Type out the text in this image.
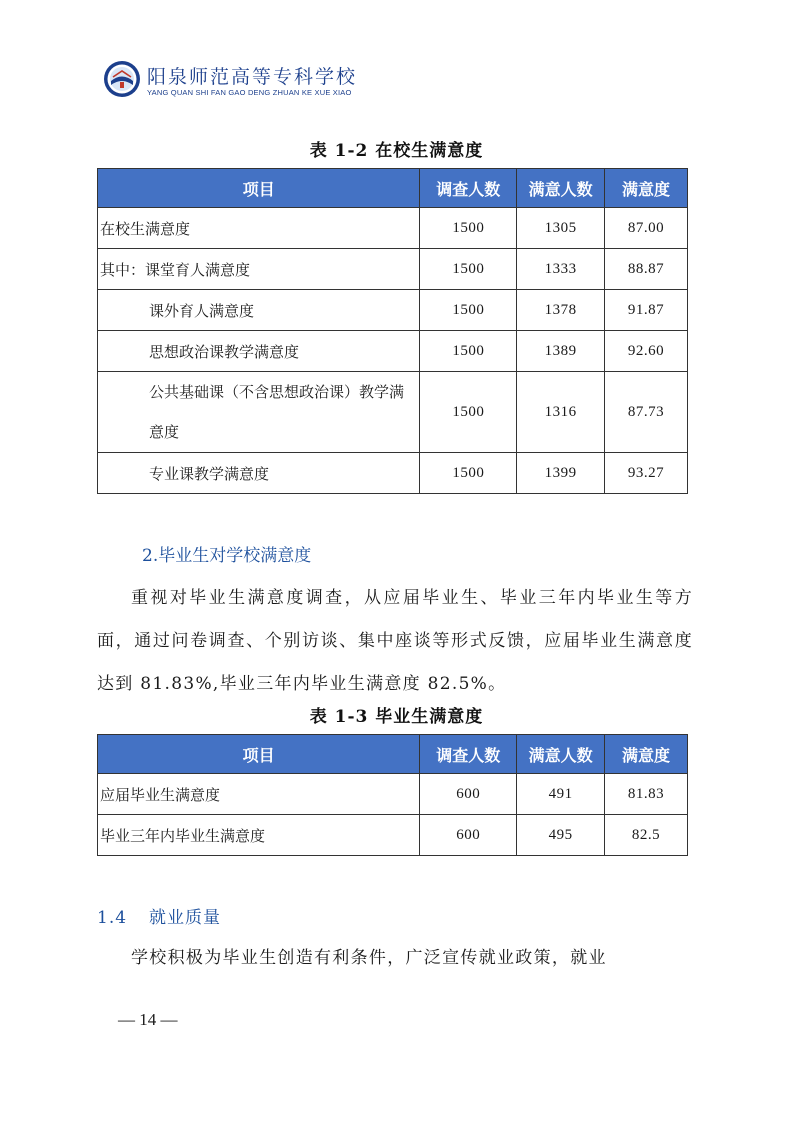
阳泉师范高等专科学校
YANG QUAN SHI FAN GAO DENG ZHUAN KE XUE XIAO
表 1-2 在校生满意度
项目	调查人数	满意人数	满意度
在校生满意度	1500	1305	87.00
其中：课堂育人满意度	1500	1333	88.87
课外育人满意度	1500	1378	91.87
思想政治课教学满意度	1500	1389	92.60
公共基础课（不含思想政治课）教学满意度	1500	1316	87.73
专业课教学满意度	1500	1399	93.27
2.毕业生对学校满意度
重视对毕业生满意度调查，从应届毕业生、毕业三年内毕业生等方面，通过问卷调查、个别访谈、集中座谈等形式反馈，应届毕业生满意度达到 81.83%,毕业三年内毕业生满意度 82.5%。
表 1-3 毕业生满意度
项目	调查人数	满意人数	满意度
应届毕业生满意度	600	491	81.83
毕业三年内毕业生满意度	600	495	82.5
1.4 就业质量
学校积极为毕业生创造有利条件，广泛宣传就业政策，就业
— 14 —
